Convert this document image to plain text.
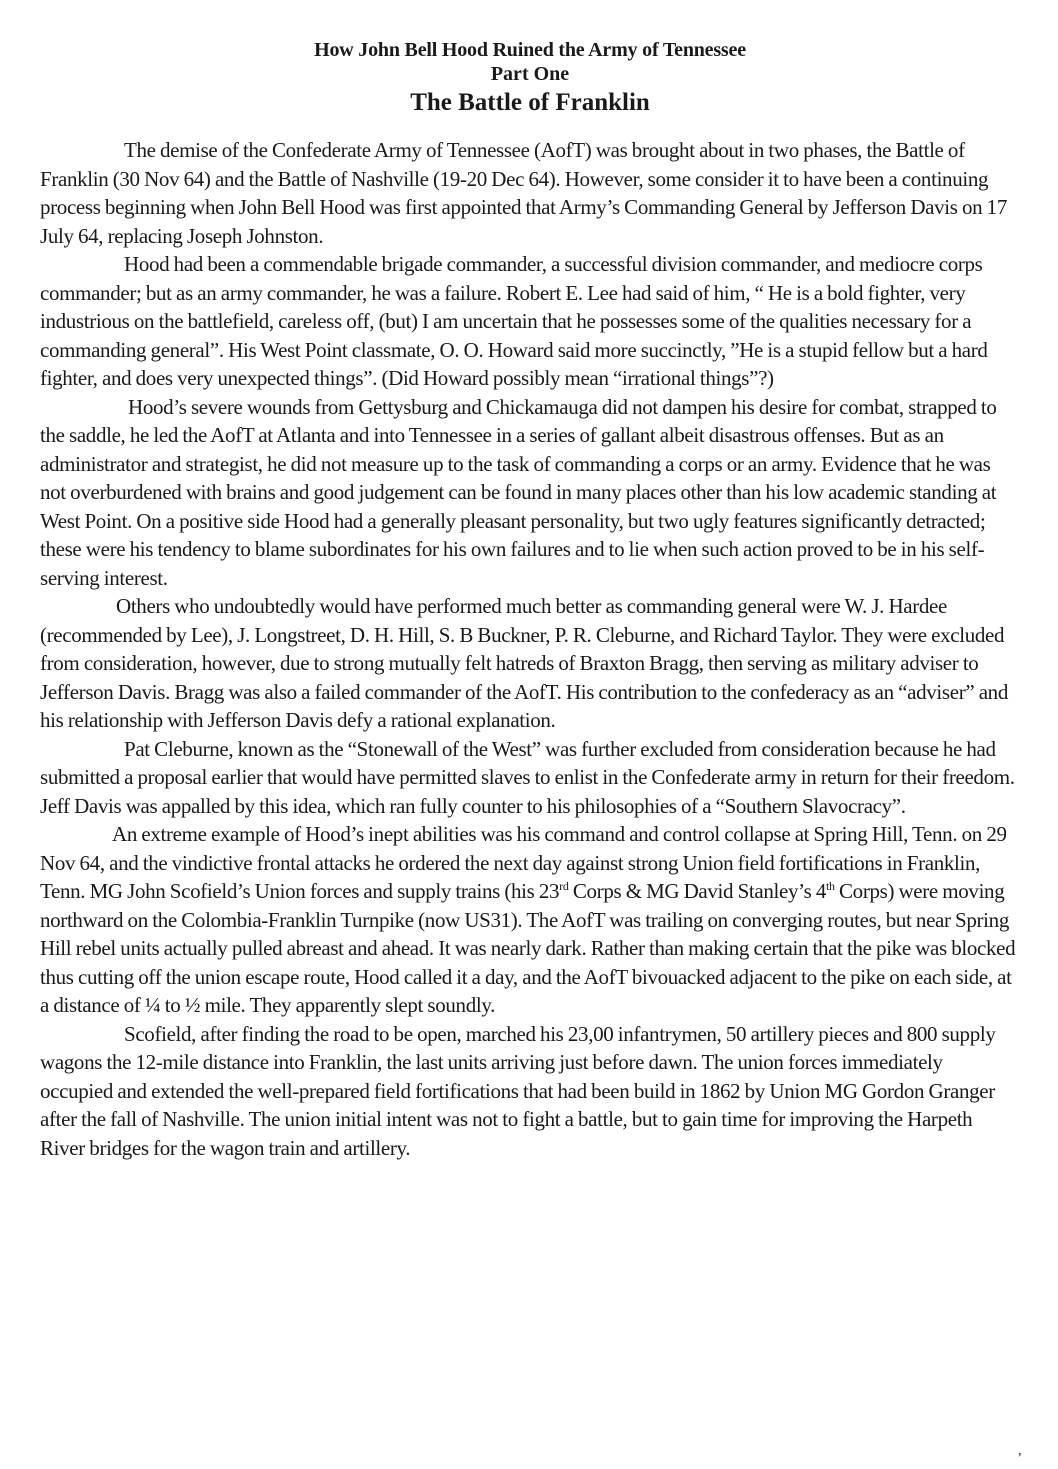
How John Bell Hood Ruined the Army of Tennessee
Part One
The Battle of Franklin

The demise of the Confederate Army of Tennessee (AofT) was brought about in two phases, the Battle of Franklin (30 Nov 64) and the Battle of Nashville (19-20 Dec 64). However, some consider it to have been a continuing process beginning when John Bell Hood was first appointed that Army’s Commanding General by Jefferson Davis on 17 July 64, replacing Joseph Johnston.

Hood had been a commendable brigade commander, a successful division commander, and mediocre corps commander; but as an army commander, he was a failure. Robert E. Lee had said of him, “ He is a bold fighter, very industrious on the battlefield, careless off, (but) I am uncertain that he possesses some of the qualities necessary for a commanding general”. His West Point classmate, O. O. Howard said more succinctly, ”He is a stupid fellow but a hard fighter, and does very unexpected things”. (Did Howard possibly mean “irrational things”?)

Hood’s severe wounds from Gettysburg and Chickamauga did not dampen his desire for combat, strapped to the saddle, he led the AofT at Atlanta and into Tennessee in a series of gallant albeit disastrous offenses. But as an administrator and strategist, he did not measure up to the task of commanding a corps or an army. Evidence that he was not overburdened with brains and good judgement can be found in many places other than his low academic standing at West Point. On a positive side Hood had a generally pleasant personality, but two ugly features significantly detracted; these were his tendency to blame subordinates for his own failures and to lie when such action proved to be in his self-serving interest.

Others who undoubtedly would have performed much better as commanding general were W. J. Hardee (recommended by Lee), J. Longstreet, D. H. Hill, S. B Buckner, P. R. Cleburne, and Richard Taylor. They were excluded from consideration, however, due to strong mutually felt hatreds of Braxton Bragg, then serving as military adviser to Jefferson Davis. Bragg was also a failed commander of the AofT. His contribution to the confederacy as an “adviser” and his relationship with Jefferson Davis defy a rational explanation.

Pat Cleburne, known as the “Stonewall of the West” was further excluded from consideration because he had submitted a proposal earlier that would have permitted slaves to enlist in the Confederate army in return for their freedom. Jeff Davis was appalled by this idea, which ran fully counter to his philosophies of a “Southern Slavocracy”.

An extreme example of Hood’s inept abilities was his command and control collapse at Spring Hill, Tenn. on 29 Nov 64, and the vindictive frontal attacks he ordered the next day against strong Union field fortifications in Franklin, Tenn. MG John Scofield’s Union forces and supply trains (his 23rd Corps & MG David Stanley’s 4th Corps) were moving northward on the Colombia-Franklin Turnpike (now US31). The AofT was trailing on converging routes, but near Spring Hill rebel units actually pulled abreast and ahead. It was nearly dark. Rather than making certain that the pike was blocked thus cutting off the union escape route, Hood called it a day, and the AofT bivouacked adjacent to the pike on each side, at a distance of ¼ to ½ mile. They apparently slept soundly.

Scofield, after finding the road to be open, marched his 23,00 infantrymen, 50 artillery pieces and 800 supply wagons the 12-mile distance into Franklin, the last units arriving just before dawn. The union forces immediately occupied and extended the well-prepared field fortifications that had been build in 1862 by Union MG Gordon Granger after the fall of Nashville. The union initial intent was not to fight a battle, but to gain time for improving the Harpeth River bridges for the wagon train and artillery.

’
